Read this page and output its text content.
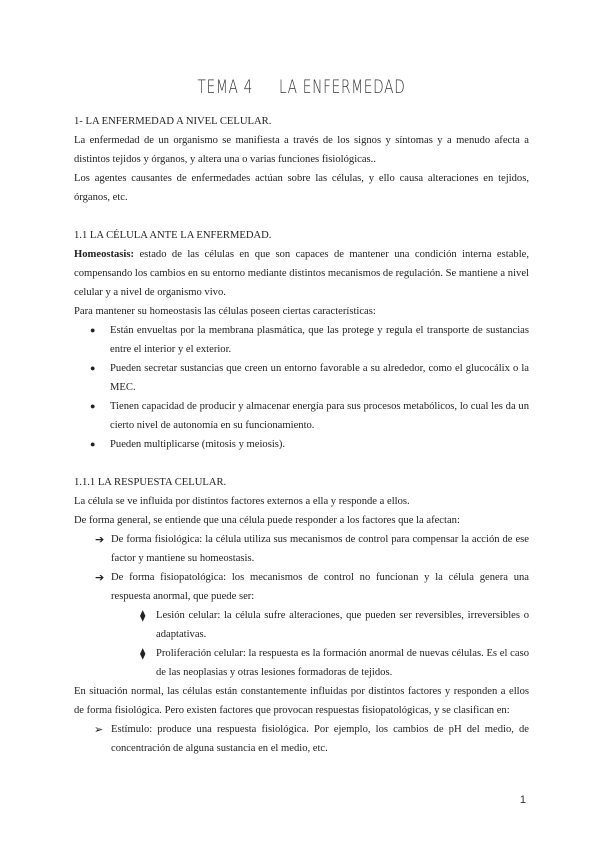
TEMA 4 LA ENFERMEDAD

1- LA ENFERMEDAD A NIVEL CELULAR.

La enfermedad de un organismo se manifiesta a través de los signos y síntomas y a menudo afecta a distintos tejidos y órganos, y altera una o varias funciones fisiológicas..

Los agentes causantes de enfermedades actúan sobre las células, y ello causa alteraciones en tejidos, órganos, etc.

1.1 LA CÉLULA ANTE LA ENFERMEDAD.

Homeostasis: estado de las células en que son capaces de mantener una condición interna estable, compensando los cambios en su entorno mediante distintos mecanismos de regulación. Se mantiene a nivel celular y a nivel de organismo vivo.

Para mantener su homeostasis las células poseen ciertas características:

● Están envueltas por la membrana plasmática, que las protege y regula el transporte de sustancias entre el interior y el exterior.
● Pueden secretar sustancias que creen un entorno favorable a su alrededor, como el glucocálix o la MEC.
● Tienen capacidad de producir y almacenar energía para sus procesos metabólicos, lo cual les da un cierto nivel de autonomía en su funcionamiento.
● Pueden multiplicarse (mitosis y meiosis).

1.1.1 LA RESPUESTA CELULAR.

La célula se ve influida por distintos factores externos a ella y responde a ellos.

De forma general, se entiende que una célula puede responder a los factores que la afectan:

➔ De forma fisiológica: la célula utiliza sus mecanismos de control para compensar la acción de ese factor y mantiene su homeostasis.
➔ De forma fisiopatológica: los mecanismos de control no funcionan y la célula genera una respuesta anormal, que puede ser:
⧫ Lesión celular: la célula sufre alteraciones, que pueden ser reversibles, irreversibles o adaptativas.
⧫ Proliferación celular: la respuesta es la formación anormal de nuevas células. Es el caso de las neoplasias y otras lesiones formadoras de tejidos.

En situación normal, las células están constantemente influidas por distintos factores y responden a ellos de forma fisiológica. Pero existen factores que provocan respuestas fisiopatológicas, y se clasifican en:

➢ Estímulo: produce una respuesta fisiológica. Por ejemplo, los cambios de pH del medio, de concentración de alguna sustancia en el medio, etc.
1
